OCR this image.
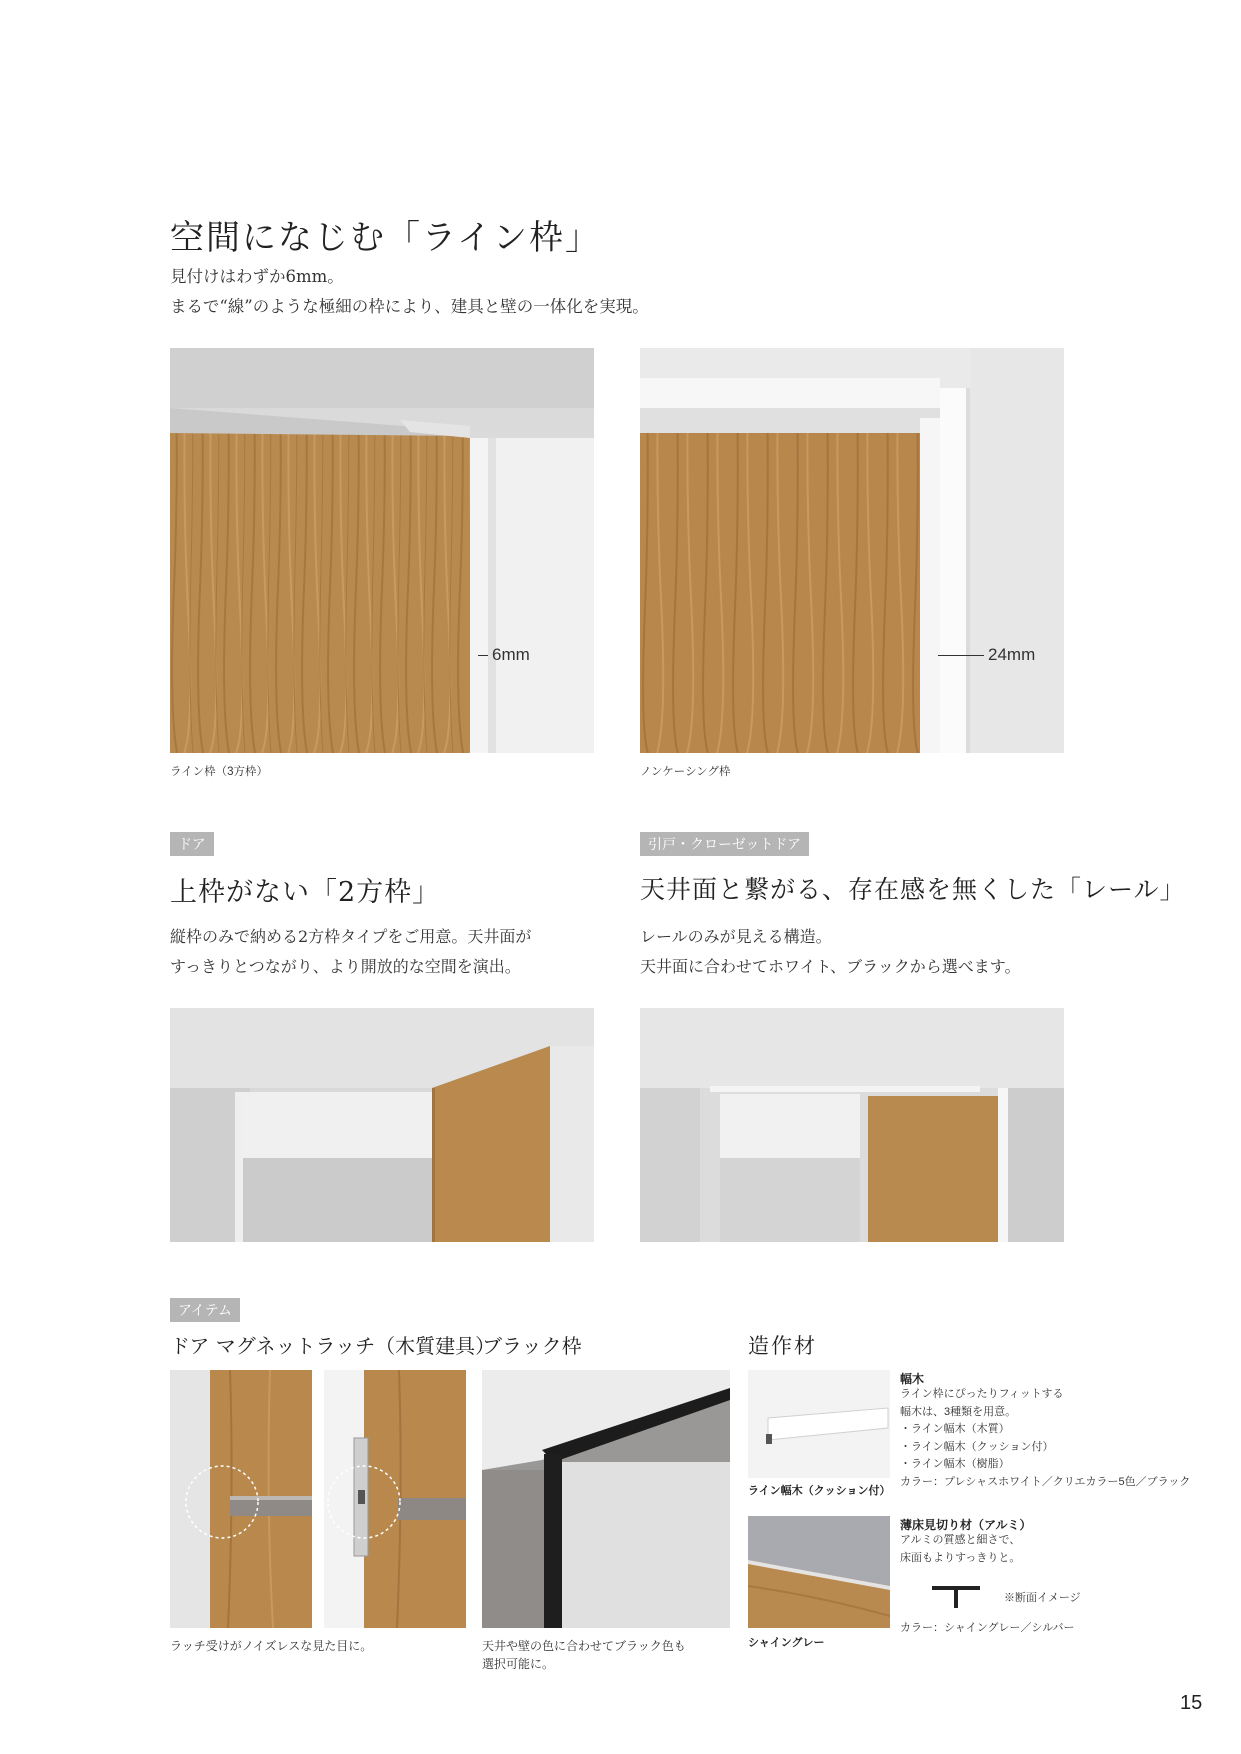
空間になじむ「ライン枠」
見付けはわずか6mm。
まるで“線”のような極細の枠により、建具と壁の一体化を実現。
6mm
ライン枠（3方枠）
24mm
ノンケーシング枠
ドア
上枠がない「2方枠」
縦枠のみで納める2方枠タイプをご用意。天井面が
すっきりとつながり、より開放的な空間を演出。
引戸・クローゼットドア
天井面と繋がる、存在感を無くした「レール」
レールのみが見える構造。
天井面に合わせてホワイト、ブラックから選べます。
アイテム
ドア マグネットラッチ（木質建具）
ブラック枠	造作材
ラッチ受けがノイズレスな見た目に。	天井や壁の色に合わせてブラック色も
選択可能に。
ライン幅木（クッション付）
幅木
ライン枠にぴったりフィットする
幅木は、3種類を用意。
・ライン幅木（木質）
・ライン幅木（クッション付）
・ライン幅木（樹脂）
カラー：プレシャスホワイト／クリエカラー5色／ブラック
シャイングレー
薄床見切り材（アルミ）
アルミの質感と細さで、
床面もよりすっきりと。
※断面イメージ
カラー：シャイングレー／シルバー
15
